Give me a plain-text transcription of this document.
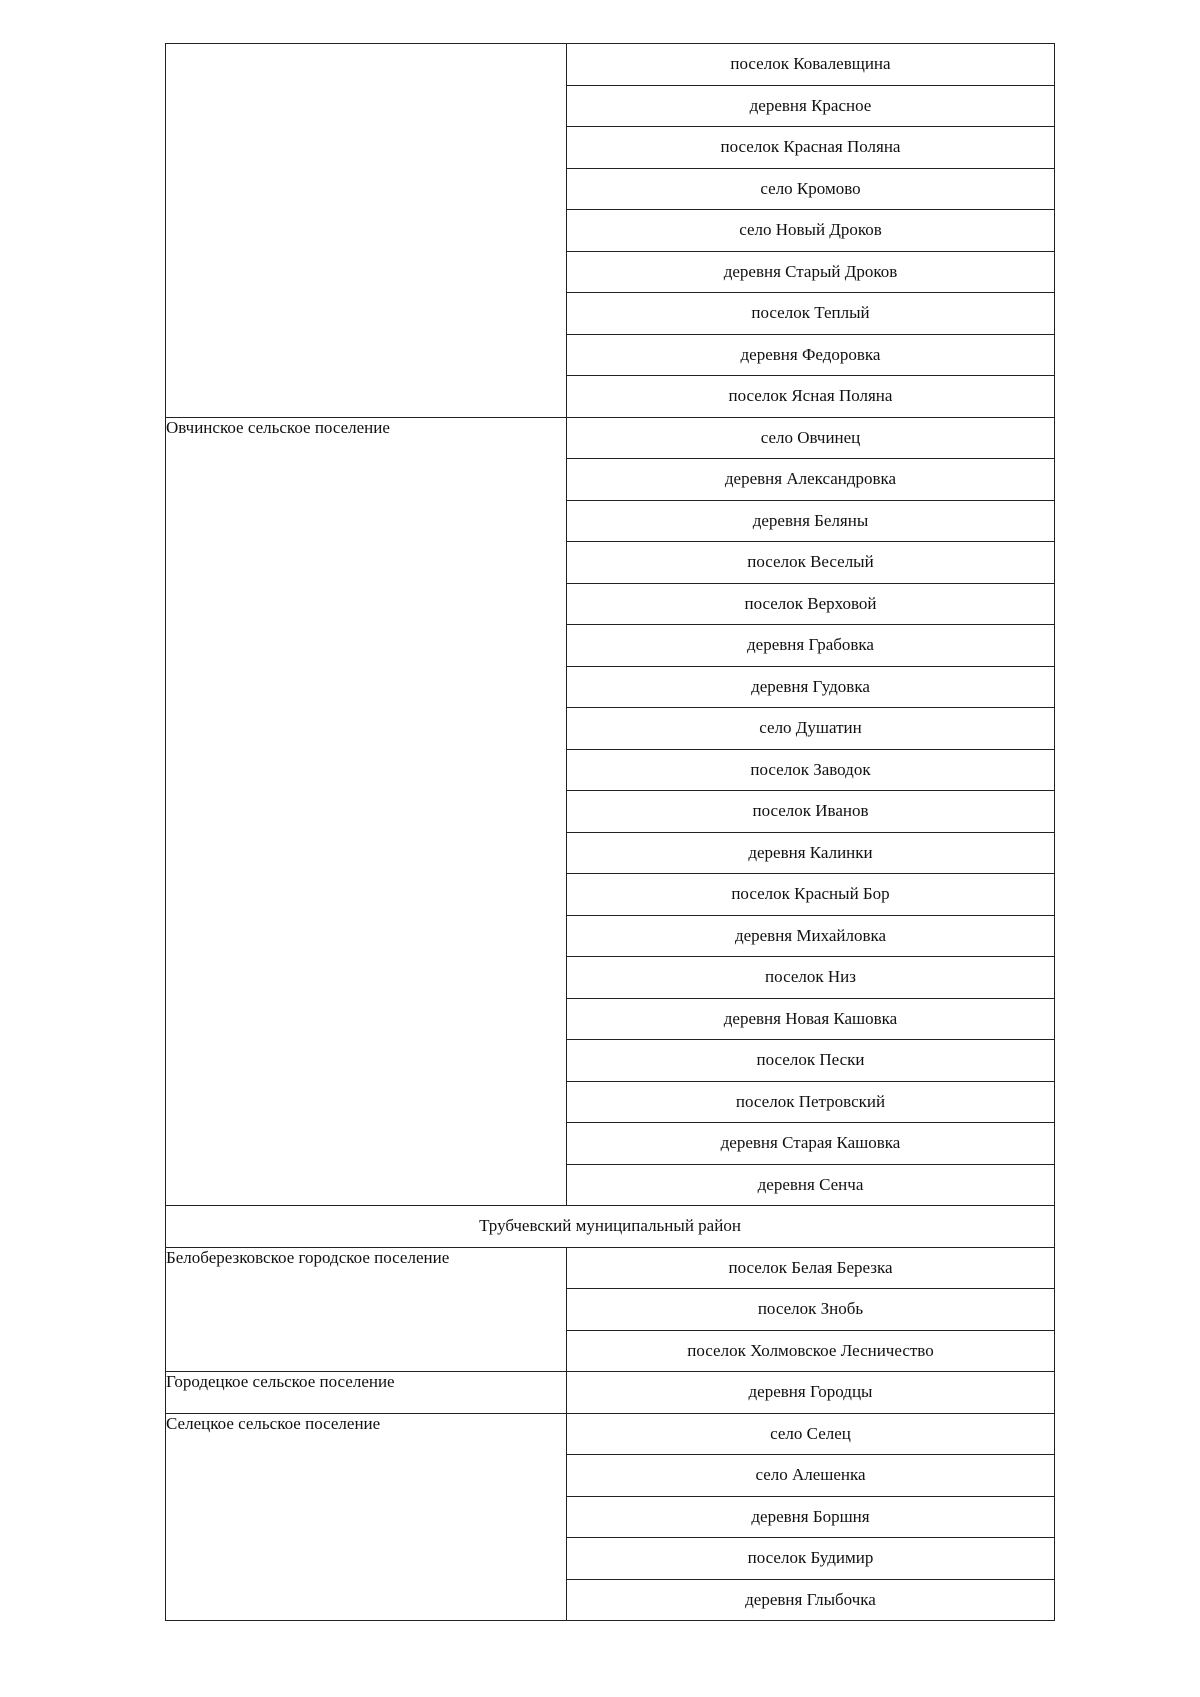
	поселок Ковалевщина
	деревня Красное
	поселок Красная Поляна
	село Кромово
	село Новый Дроков
	деревня Старый Дроков
	поселок Теплый
	деревня Федоровка
	поселок Ясная Поляна
Овчинское сельское поселение	село Овчинец
	деревня Александровка
	деревня Беляны
	поселок Веселый
	поселок Верховой
	деревня Грабовка
	деревня Гудовка
	село Душатин
	поселок Заводок
	поселок Иванов
	деревня Калинки
	поселок Красный Бор
	деревня Михайловка
	поселок Низ
	деревня Новая Кашовка
	поселок Пески
	поселок Петровский
	деревня Старая Кашовка
	деревня Сенча
Трубчевский муниципальный район	
Белоберезковское городское поселение	поселок Белая Березка
	поселок Знобь
	поселок Холмовское Лесничество
Городецкое сельское поселение	деревня Городцы
Селецкое сельское поселение	село Селец
	село Алешенка
	деревня Боршня
	поселок Будимир
	деревня Глыбочка
